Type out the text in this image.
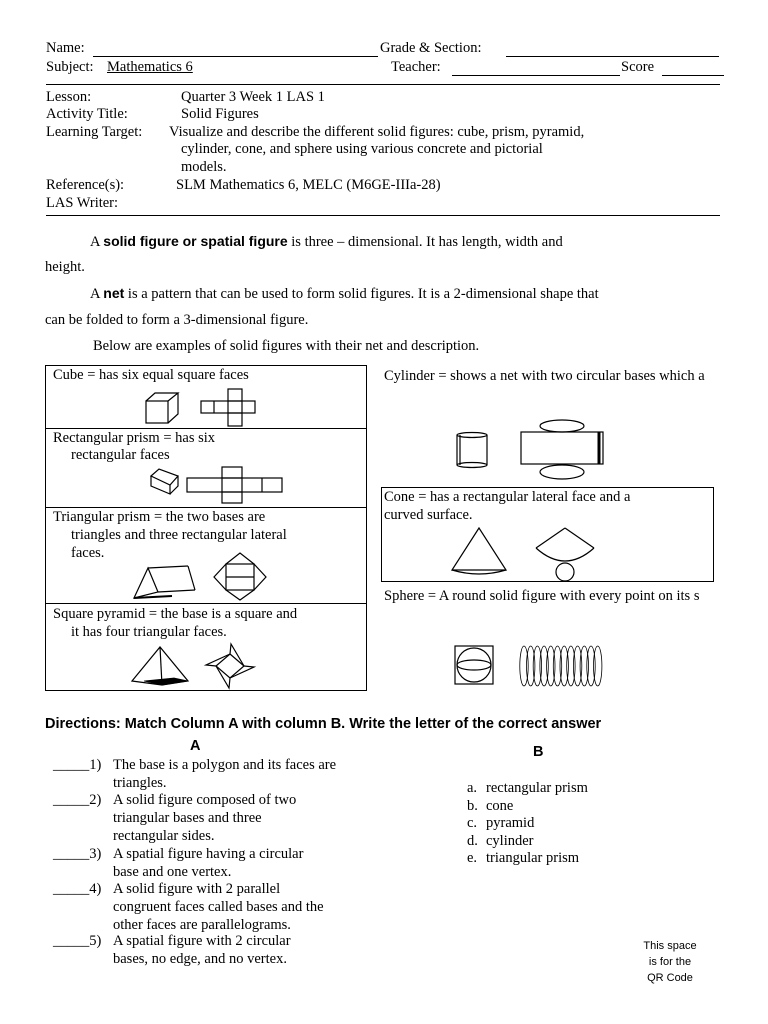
Name:	Grade & Section:
Subject: Mathematics 6	Teacher:	Score
Lesson:	Quarter 3 Week 1 LAS 1
Activity Title:	Solid Figures
Learning Target: Visualize and describe the different solid figures: cube, prism, pyramid,
cylinder, cone, and sphere using various concrete and pictorial
models.
Reference(s):	SLM Mathematics 6, MELC (M6GE-IIIa-28)
LAS Writer:
A solid figure or spatial figure is three – dimensional. It has length, width and
height.
A net is a pattern that can be used to form solid figures. It is a 2-dimensional shape that
can be folded to form a 3-dimensional figure.
Below are examples of solid figures with their net and description.
Cube = has six equal square faces
Rectangular prism = has six
rectangular faces
Triangular prism = the two bases are
triangles and three rectangular lateral
faces.
Square pyramid = the base is a square and
it has four triangular faces.
Cylinder = shows a net with two circular bases which a
Cone = has a rectangular lateral face and a
curved surface.
Sphere = A round solid figure with every point on its s
Directions: Match Column A with column B. Write the letter of the correct answer
A	B
_____1) The base is a polygon and its faces are
triangles.
_____2) A solid figure composed of two
triangular bases and three
rectangular sides.
_____3) A spatial figure having a circular
base and one vertex.
_____4) A solid figure with 2 parallel
congruent faces called bases and the
other faces are parallelograms.
_____5) A spatial figure with 2 circular
bases, no edge, and no vertex.
a. rectangular prism
b. cone
c. pyramid
d. cylinder
e. triangular prism
This space
is for the
QR Code
